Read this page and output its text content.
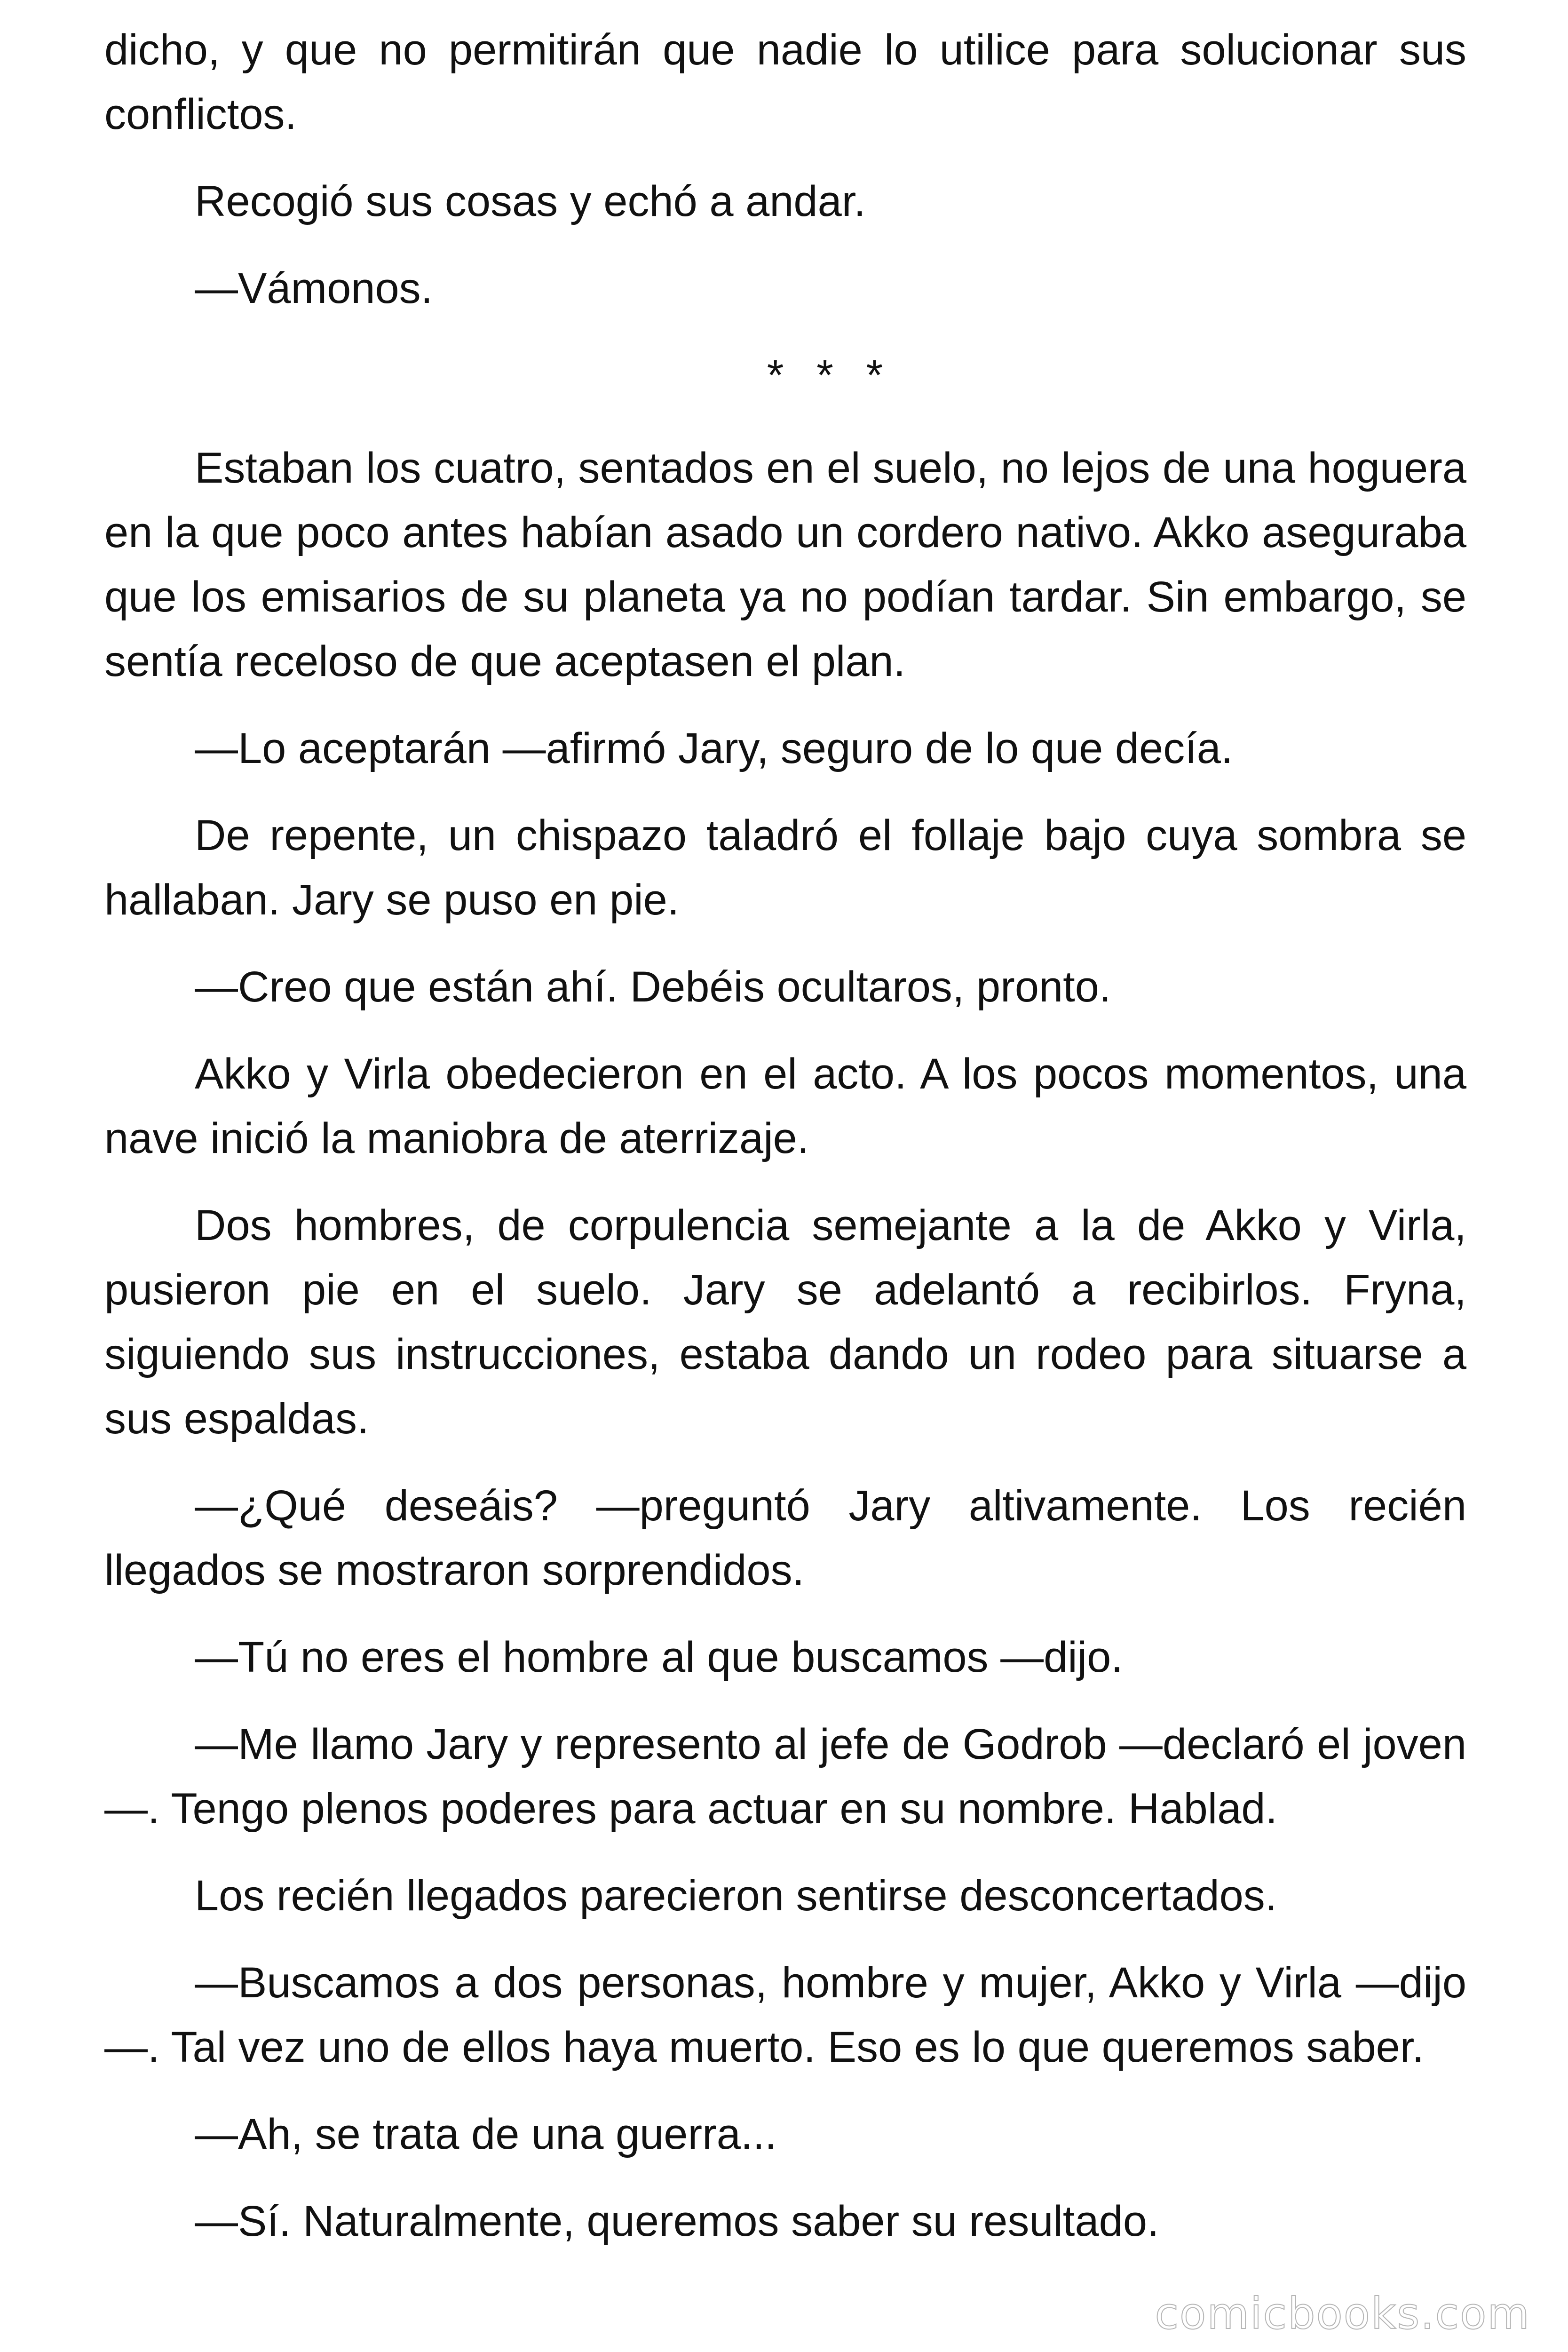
dicho, y que no permitirán que nadie lo utilice para solucionar sus conflictos.

Recogió sus cosas y echó a andar.

—Vámonos.

* * *

Estaban los cuatro, sentados en el suelo, no lejos de una hoguera en la que poco antes habían asado un cordero nativo. Akko aseguraba que los emisarios de su planeta ya no podían tardar. Sin embargo, se sentía receloso de que aceptasen el plan.

—Lo aceptarán —afirmó Jary, seguro de lo que decía.

De repente, un chispazo taladró el follaje bajo cuya sombra se hallaban. Jary se puso en pie.

—Creo que están ahí. Debéis ocultaros, pronto.

Akko y Virla obedecieron en el acto. A los pocos momentos, una nave inició la maniobra de aterrizaje.

Dos hombres, de corpulencia semejante a la de Akko y Virla, pusieron pie en el suelo. Jary se adelantó a recibirlos. Fryna, siguiendo sus instrucciones, estaba dando un rodeo para situarse a sus espaldas.

—¿Qué deseáis? —preguntó Jary altivamente. Los recién llegados se mostraron sorprendidos.

—Tú no eres el hombre al que buscamos —dijo.

—Me llamo Jary y represento al jefe de Godrob —declaró el joven —. Tengo plenos poderes para actuar en su nombre. Hablad.

Los recién llegados parecieron sentirse desconcertados.

—Buscamos a dos personas, hombre y mujer, Akko y Virla —dijo —. Tal vez uno de ellos haya muerto. Eso es lo que queremos saber.

—Ah, se trata de una guerra...

—Sí. Naturalmente, queremos saber su resultado.

comicbooks.com
